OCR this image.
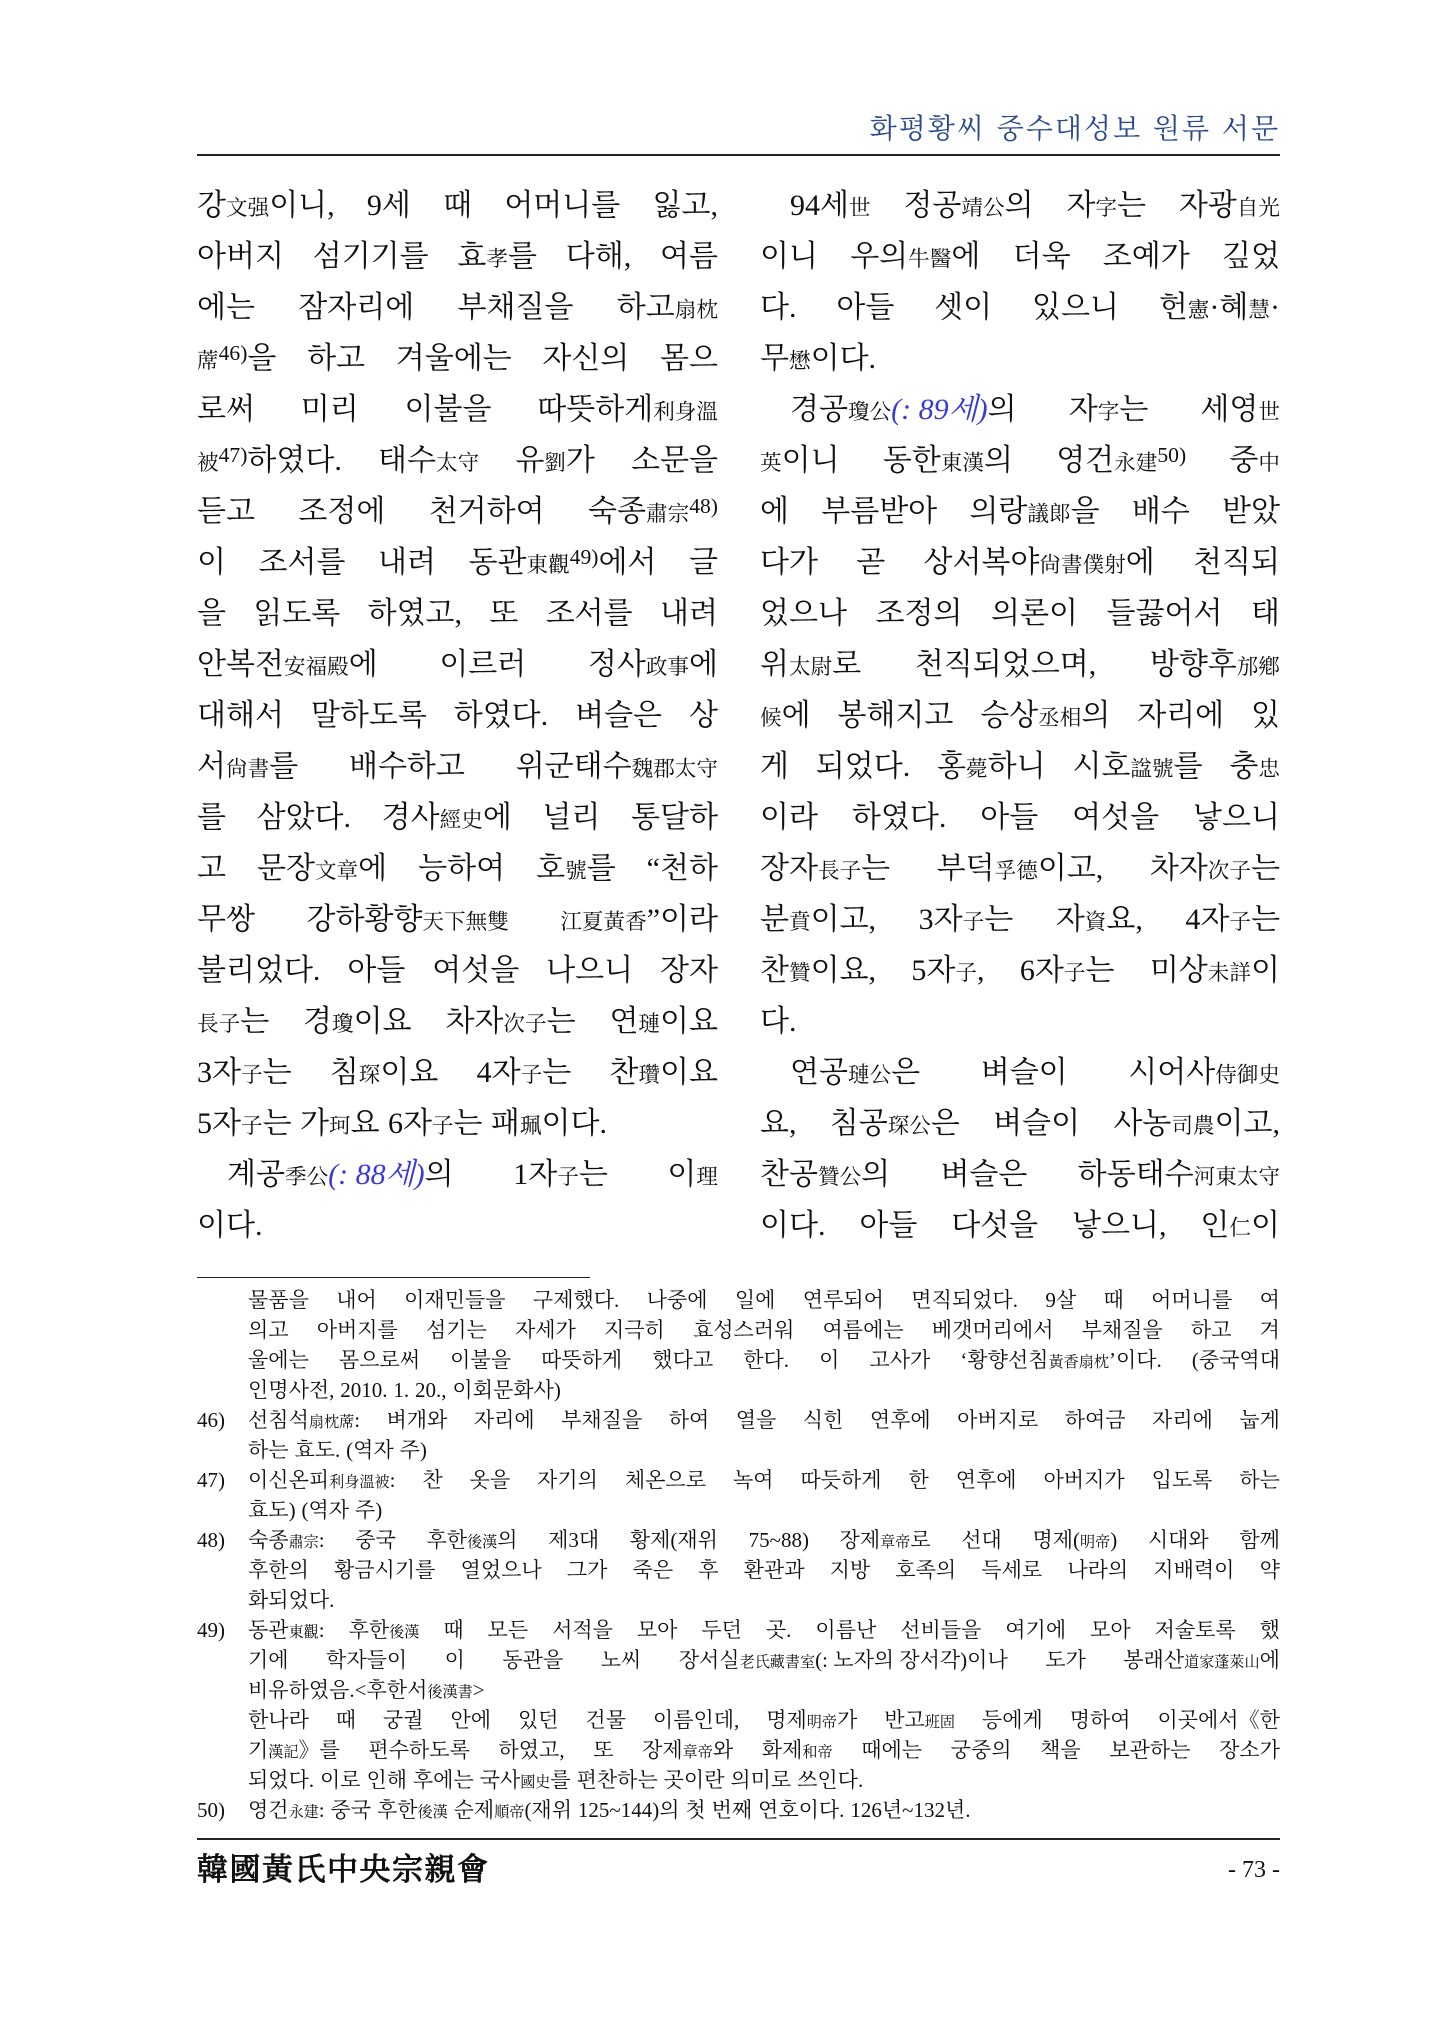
화평황씨 중수대성보 원류 서문
강文强이니, 9세 때 어머니를 잃고,
아버지 섬기기를 효孝를 다해, 여름
에는 잠자리에 부채질을 하고扇枕
蓆$^{46)}$을 하고 겨울에는 자신의 몸으
로써 미리 이불을 따뜻하게利身溫
被$^{47)}$하였다. 태수太守 유劉가 소문을
듣고 조정에 천거하여 숙종肅宗$^{48)}$
이 조서를 내려 동관東觀$^{49)}$에서 글
을 읽도록 하였고, 또 조서를 내려
안복전安福殿에 이르러 정사政事에
대해서 말하도록 하였다. 벼슬은 상
서尙書를 배수하고 위군태수魏郡太守
를 삼았다. 경사經史에 널리 통달하
고 문장文章에 능하여 호號를 “천하
무쌍 강하황향天下無雙 江夏黃香”이라
불리었다. 아들 여섯을 나으니 장자
長子는 경瓊이요 차자次子는 연璉이요
3자子는 침琛이요 4자子는 찬瓚이요
5자子는 가珂요 6자子는 패珮이다.
계공季公(: 88세)의 1자子는 이理
이다.
94세世 정공靖公의 자字는 자광自光
이니 우의牛醫에 더욱 조예가 깊었
다. 아들 셋이 있으니 헌憲·혜慧·
무懋이다.
경공瓊公(: 89세)의 자字는 세영世
英이니 동한東漢의 영건永建$^{50)}$ 중中
에 부름받아 의랑議郞을 배수 받았
다가 곧 상서복야尙書僕射에 천직되
었으나 조정의 의론이 들끓어서 태
위太尉로 천직되었으며, 방향후邡鄕
候에 봉해지고 승상丞相의 자리에 있
게 되었다. 홍薨하니 시호諡號를 충忠
이라 하였다. 아들 여섯을 낳으니
장자長子는 부덕孚德이고, 차자次子는
분賁이고, 3자子는 자資요, 4자子는
찬贊이요, 5자子, 6자子는 미상未詳이
다.
연공璉公은 벼슬이 시어사侍御史
요, 침공琛公은 벼슬이 사농司農이고,
찬공贊公의 벼슬은 하동태수河東太守
이다. 아들 다섯을 낳으니, 인仁이
물품을 내어 이재민들을 구제했다. 나중에 일에 연루되어 면직되었다. 9살 때 어머니를 여
의고 아버지를 섬기는 자세가 지극히 효성스러워 여름에는 베갯머리에서 부채질을 하고 겨
울에는 몸으로써 이불을 따뜻하게 했다고 한다. 이 고사가 ‘황향선침黃香扇枕’이다. (중국역대
인명사전, 2010. 1. 20., 이회문화사)
46)	선침석扇枕蓆: 벼개와 자리에 부채질을 하여 열을 식힌 연후에 아버지로 하여금 자리에 눕게
하는 효도. (역자 주)
47)	이신온피利身溫被: 찬 옷을 자기의 체온으로 녹여 따듯하게 한 연후에 아버지가 입도록 하는
효도) (역자 주)
48)	숙종肅宗: 중국 후한後漢의 제3대 황제(재위 75~88) 장제章帝로 선대 명제(明帝) 시대와 함께
후한의 황금시기를 열었으나 그가 죽은 후 환관과 지방 호족의 득세로 나라의 지배력이 약
화되었다.
49)	동관東觀: 후한後漢 때 모든 서적을 모아 두던 곳. 이름난 선비들을 여기에 모아 저술토록 했
기에 학자들이 이 동관을 노씨 장서실老氏藏書室(: 노자의 장서각)이나 도가 봉래산道家蓬萊山에
비유하였음.<후한서後漢書>
한나라 때 궁궐 안에 있던 건물 이름인데, 명제明帝가 반고班固 등에게 명하여 이곳에서《한
기漢記》를 편수하도록 하였고, 또 장제章帝와 화제和帝 때에는 궁중의 책을 보관하는 장소가
되었다. 이로 인해 후에는 국사國史를 편찬하는 곳이란 의미로 쓰인다.
50)	영건永建: 중국 후한後漢 순제順帝(재위 125~144)의 첫 번째 연호이다. 126년~132년.
韓國黃氏中央宗親會	- 73 -
